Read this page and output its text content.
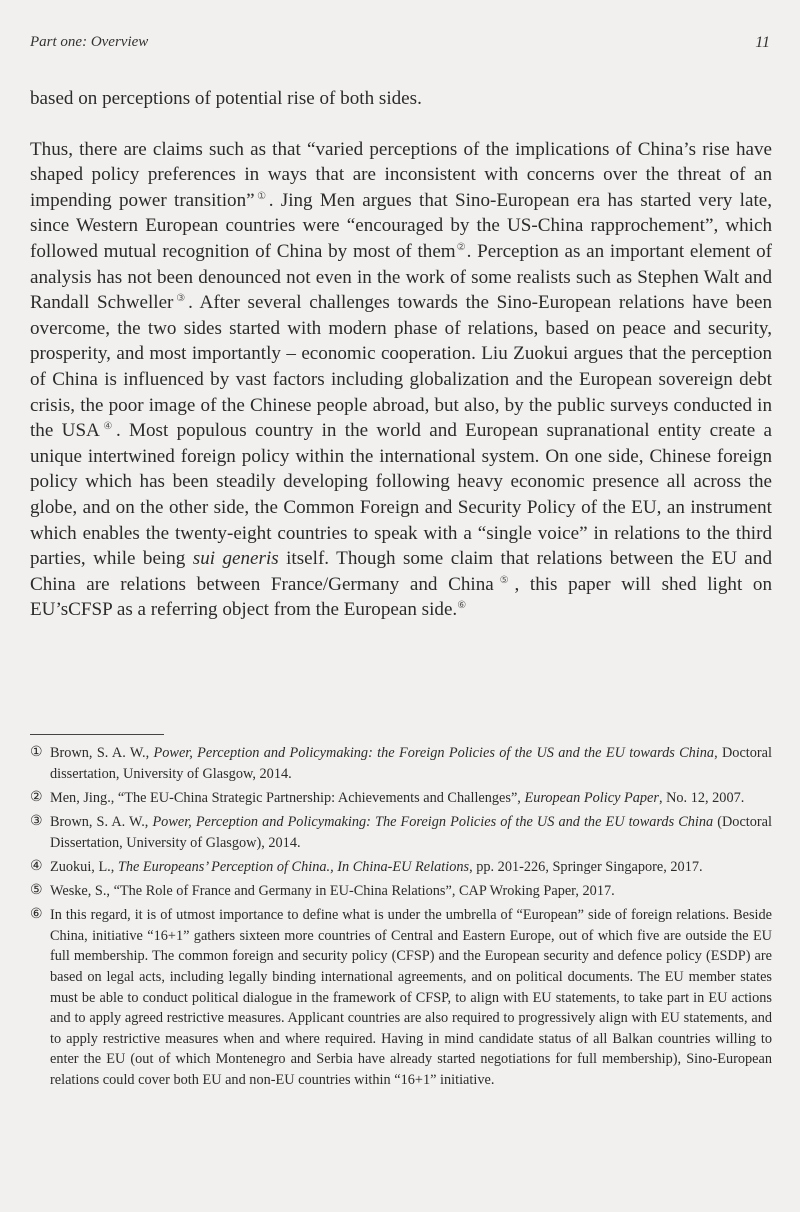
Part one: Overview	11

based on perceptions of potential rise of both sides.

Thus, there are claims such as that “varied perceptions of the implications of China’s rise have shaped policy preferences in ways that are inconsistent with concerns over the threat of an impending power transition”①. Jing Men argues that Sino-European era has started very late, since Western European countries were “encouraged by the US-China rapprochement”, which followed mutual recognition of China by most of them②. Perception as an important element of analysis has not been denounced not even in the work of some realists such as Stephen Walt and Randall Schweller③. After several challenges towards the Sino-European relations have been overcome, the two sides started with modern phase of relations, based on peace and security, prosperity, and most importantly – economic cooperation. Liu Zuokui argues that the perception of China is influenced by vast factors including globalization and the European sovereign debt crisis, the poor image of the Chinese people abroad, but also, by the public surveys conducted in the USA④. Most populous country in the world and European supranational entity create a unique intertwined foreign policy within the international system. On one side, Chinese foreign policy which has been steadily developing following heavy economic presence all across the globe, and on the other side, the Common Foreign and Security Policy of the EU, an instrument which enables the twenty-eight countries to speak with a “single voice” in relations to the third parties, while being sui generis itself. Though some claim that relations between the EU and China are relations between France/Germany and China⑤, this paper will shed light on EU’sCFSP as a referring object from the European side.⑥

① Brown, S. A. W., Power, Perception and Policymaking: the Foreign Policies of the US and the EU towards China, Doctoral dissertation, University of Glasgow, 2014.
② Men, Jing., “The EU-China Strategic Partnership: Achievements and Challenges”, European Policy Paper, No. 12, 2007.
③ Brown, S. A. W., Power, Perception and Policymaking: The Foreign Policies of the US and the EU towards China (Doctoral Dissertation, University of Glasgow), 2014.
④ Zuokui, L., The Europeans’ Perception of China., In China-EU Relations, pp. 201-226, Springer Singapore, 2017.
⑤ Weske, S., “The Role of France and Germany in EU-China Relations”, CAP Wroking Paper, 2017.
⑥ In this regard, it is of utmost importance to define what is under the umbrella of “European” side of foreign relations. Beside China, initiative “16+1” gathers sixteen more countries of Central and Eastern Europe, out of which five are outside the EU full membership. The common foreign and security policy (CFSP) and the European security and defence policy (ESDP) are based on legal acts, including legally binding international agreements, and on political documents. The EU member states must be able to conduct political dialogue in the framework of CFSP, to align with EU statements, to take part in EU actions and to apply agreed restrictive measures. Applicant countries are also required to progressively align with EU statements, and to apply restrictive measures when and where required. Having in mind candidate status of all Balkan countries willing to enter the EU (out of which Montenegro and Serbia have already started negotiations for full membership), Sino-European relations could cover both EU and non-EU countries within “16+1” initiative.
